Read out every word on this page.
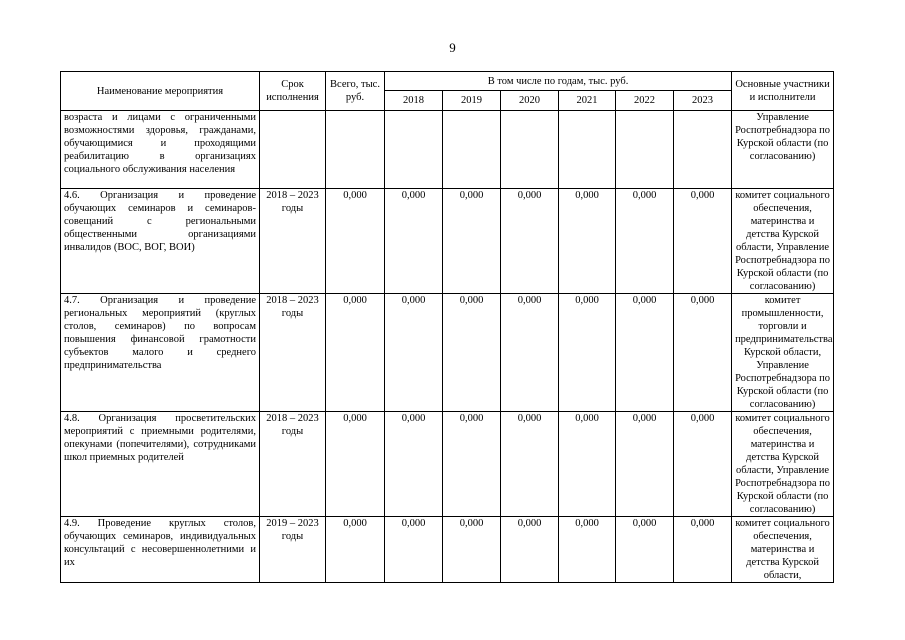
9
Наименование мероприятия	Срок исполнения	Всего, тыс. руб.	В том числе по годам, тыс. руб.						Основные участники и исполнители
			2018	2019	2020	2021	2022	2023	
возраста и лицами с ограниченными возможностями здоровья, гражданами, обучающимися и проходящими реабилитацию в организациях социального обслуживания населения									Управление Роспотребнадзора по Курской области (по согласованию)
4.6. Организация и проведение обучающих семинаров и семинаров-совещаний с региональными общественными организациями инвалидов (ВОС, ВОГ, ВОИ)	2018 – 2023 годы	0,000	0,000	0,000	0,000	0,000	0,000	0,000	комитет социального обеспечения, материнства и детства Курской области, Управление Роспотребнадзора по Курской области (по согласованию)
4.7. Организация и проведение региональных мероприятий (круглых столов, семинаров) по вопросам повышения финансовой грамотности субъектов малого и среднего предпринимательства	2018 – 2023 годы	0,000	0,000	0,000	0,000	0,000	0,000	0,000	комитет промышленности, торговли и предпринимательства Курской области, Управление Роспотребнадзора по Курской области (по согласованию)
4.8. Организация просветительских мероприятий с приемными родителями, опекунами (попечителями), сотрудниками школ приемных родителей	2018 – 2023 годы	0,000	0,000	0,000	0,000	0,000	0,000	0,000	комитет социального обеспечения, материнства и детства Курской области, Управление Роспотребнадзора по Курской области (по согласованию)
4.9. Проведение круглых столов, обучающих семинаров, индивидуальных консультаций с несовершеннолетними и их	2019 – 2023 годы	0,000	0,000	0,000	0,000	0,000	0,000	0,000	комитет социального обеспечения, материнства и детства Курской области,
